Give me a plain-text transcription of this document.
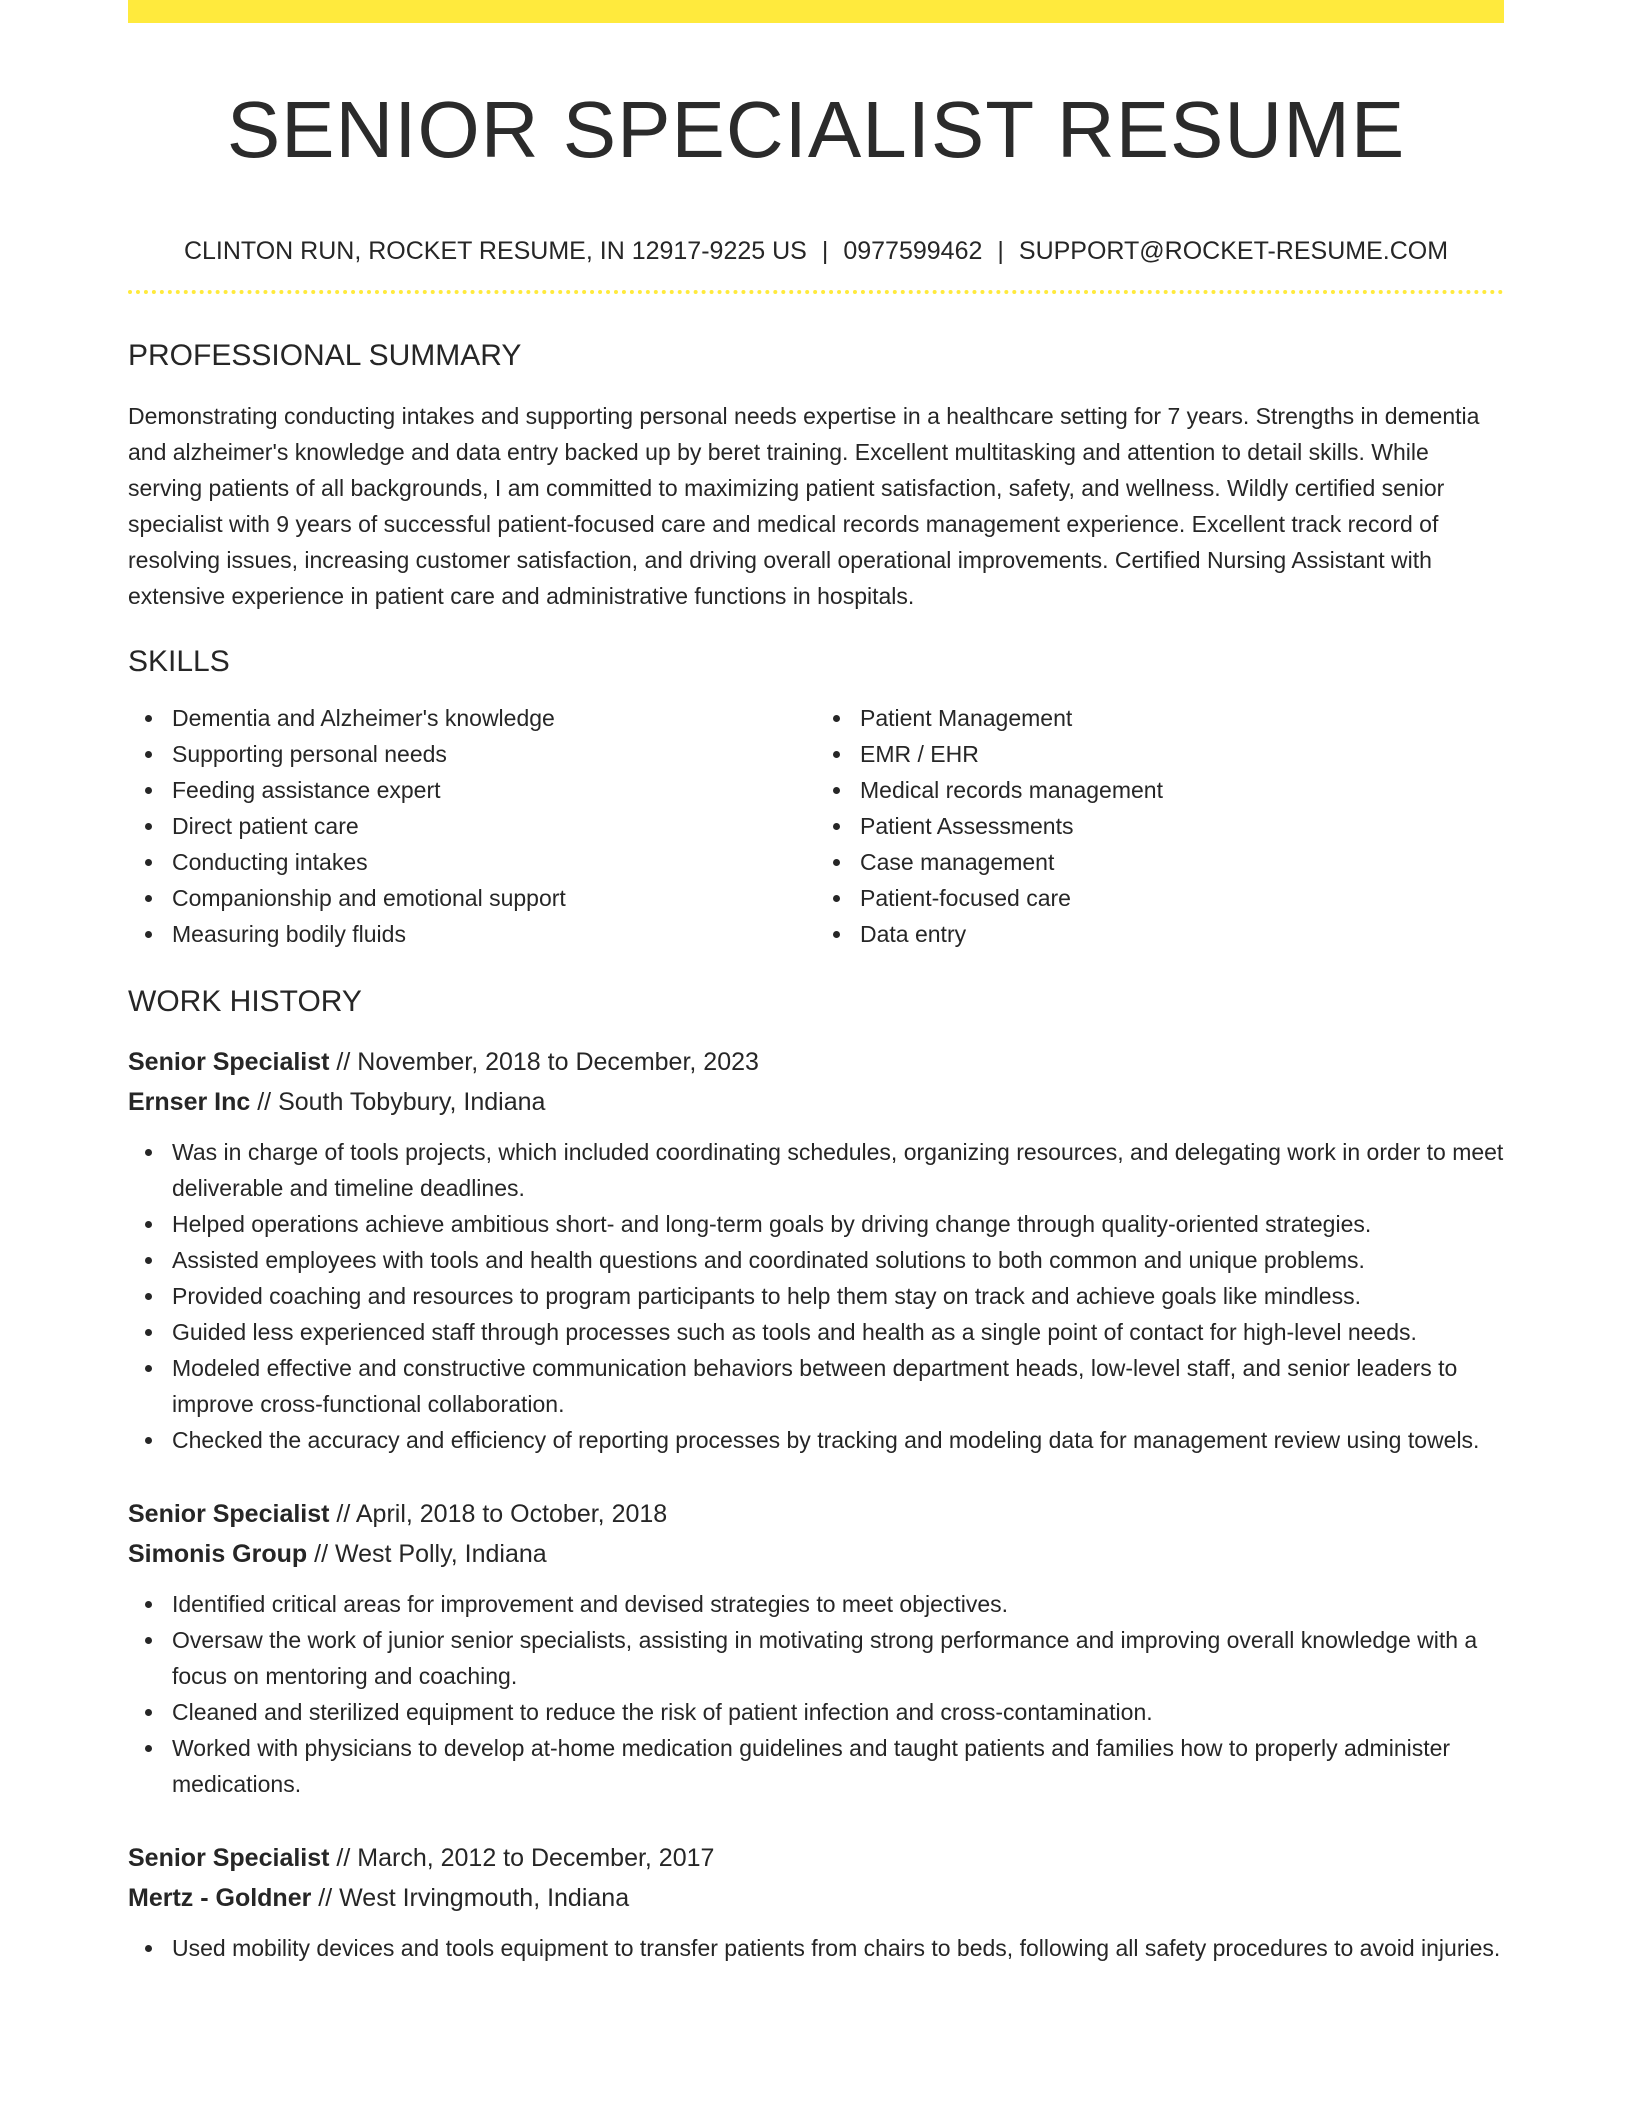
SENIOR SPECIALIST RESUME
CLINTON RUN, ROCKET RESUME, IN 12917-9225 US | 0977599462 | SUPPORT@ROCKET-RESUME.COM
PROFESSIONAL SUMMARY

Demonstrating conducting intakes and supporting personal needs expertise in a healthcare setting for 7 years. Strengths in dementia and alzheimer's knowledge and data entry backed up by beret training. Excellent multitasking and attention to detail skills. While serving patients of all backgrounds, I am committed to maximizing patient satisfaction, safety, and wellness. Wildly certified senior specialist with 9 years of successful patient-focused care and medical records management experience. Excellent track record of resolving issues, increasing customer satisfaction, and driving overall operational improvements. Certified Nursing Assistant with extensive experience in patient care and administrative functions in hospitals.

SKILLS
Dementia and Alzheimer's knowledge
Supporting personal needs
Feeding assistance expert
Direct patient care
Conducting intakes
Companionship and emotional support
Measuring bodily fluids
Patient Management
EMR / EHR
Medical records management
Patient Assessments
Case management
Patient-focused care
Data entry
WORK HISTORY
Senior Specialist // November, 2018 to December, 2023
Ernser Inc // South Tobybury, Indiana
Was in charge of tools projects, which included coordinating schedules, organizing resources, and delegating work in order to meet deliverable and timeline deadlines.
Helped operations achieve ambitious short- and long-term goals by driving change through quality-oriented strategies.
Assisted employees with tools and health questions and coordinated solutions to both common and unique problems.
Provided coaching and resources to program participants to help them stay on track and achieve goals like mindless.
Guided less experienced staff through processes such as tools and health as a single point of contact for high-level needs.
Modeled effective and constructive communication behaviors between department heads, low-level staff, and senior leaders to improve cross-functional collaboration.
Checked the accuracy and efficiency of reporting processes by tracking and modeling data for management review using towels.
Senior Specialist // April, 2018 to October, 2018
Simonis Group // West Polly, Indiana
Identified critical areas for improvement and devised strategies to meet objectives.
Oversaw the work of junior senior specialists, assisting in motivating strong performance and improving overall knowledge with a focus on mentoring and coaching.
Cleaned and sterilized equipment to reduce the risk of patient infection and cross-contamination.
Worked with physicians to develop at-home medication guidelines and taught patients and families how to properly administer medications.
Senior Specialist // March, 2012 to December, 2017
Mertz - Goldner // West Irvingmouth, Indiana
Used mobility devices and tools equipment to transfer patients from chairs to beds, following all safety procedures to avoid injuries.
